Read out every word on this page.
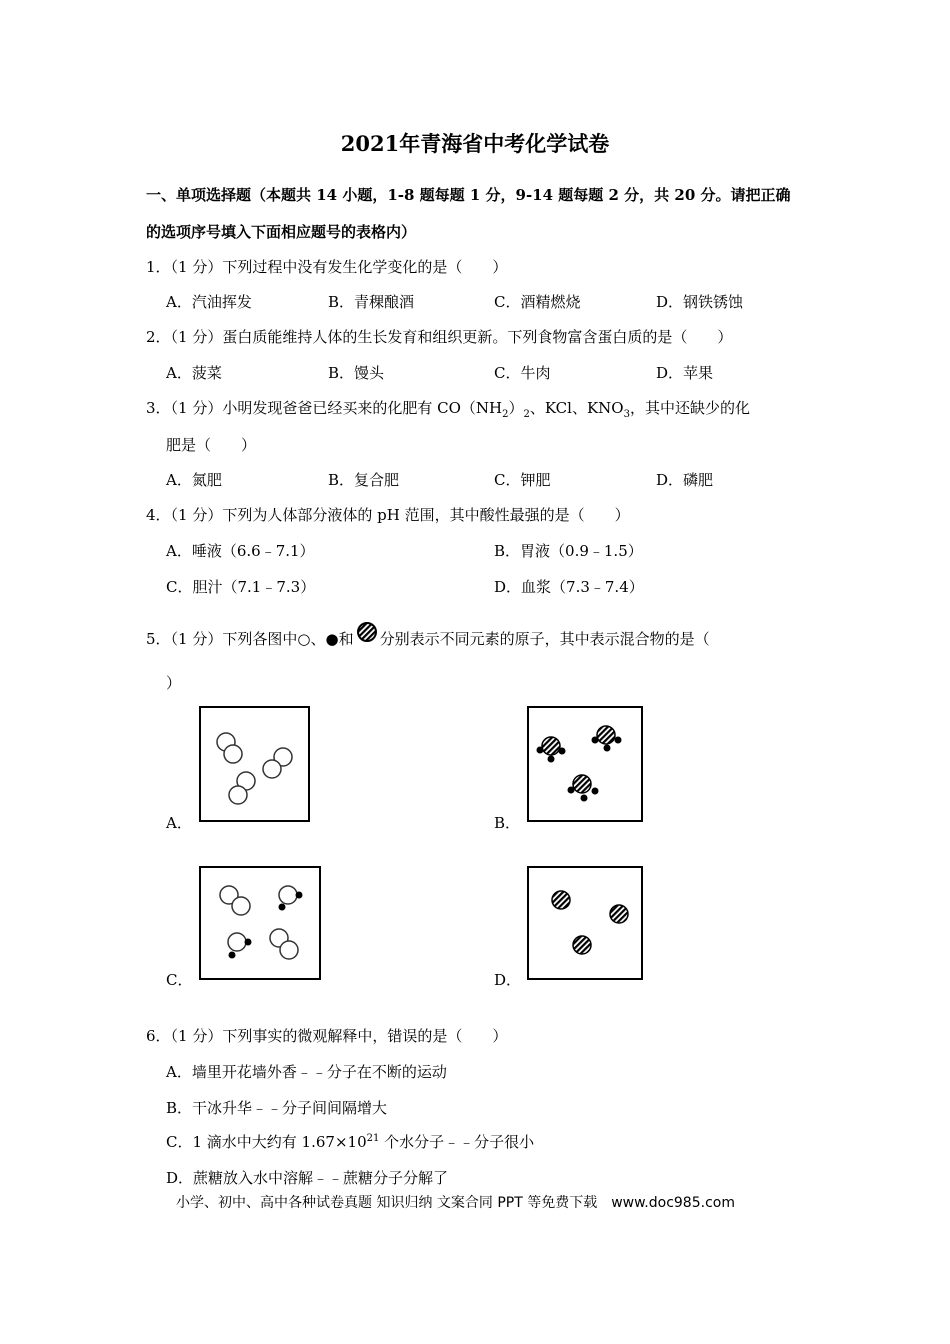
2021年青海省中考化学试卷
一、单项选择题（本题共 14 小题，1-8 题每题 1 分，9-14 题每题 2 分，共 20 分。请把正确
的选项序号填入下面相应题号的表格内）
1．（1 分）下列过程中没有发生化学变化的是（　　）
A．汽油挥发	B．青稞酿酒	C．酒精燃烧	D．钢铁锈蚀
2．（1 分）蛋白质能维持人体的生长发育和组织更新。下列食物富含蛋白质的是（　　）
A．菠菜	B．馒头	C．牛肉	D．苹果
3．（1 分）小明发现爸爸已经买来的化肥有 $CO(NH_2)_2$、KCl、$KNO_3$，其中还缺少的化
肥是（　　）
A．氮肥	B．复合肥	C．钾肥	D．磷肥
4．（1 分）下列为人体部分液体的 pH 范围，其中酸性最强的是（　　）
A．唾液（6.6﹣7.1）	B．胃液（0.9﹣1.5）
C．胆汁（7.1﹣7.3）	D．血浆（7.3﹣7.4）
5．（1 分）下列各图中○、●和 分别表示不同元素的原子，其中表示混合物的是（
）
A．	B．
C．	D．
6．（1 分）下列事实的微观解释中，错误的是（　　）
A．墙里开花墙外香﹣﹣分子在不断的运动
B．干冰升华﹣﹣分子间间隔增大
C．1 滴水中大约有 $1.67\times 10^{21}$ 个水分子﹣﹣分子很小
D．蔗糖放入水中溶解﹣﹣蔗糖分子分解了
小学、初中、高中各种试卷真题 知识归纳 文案合同 PPT 等免费下载　www.doc985.com
